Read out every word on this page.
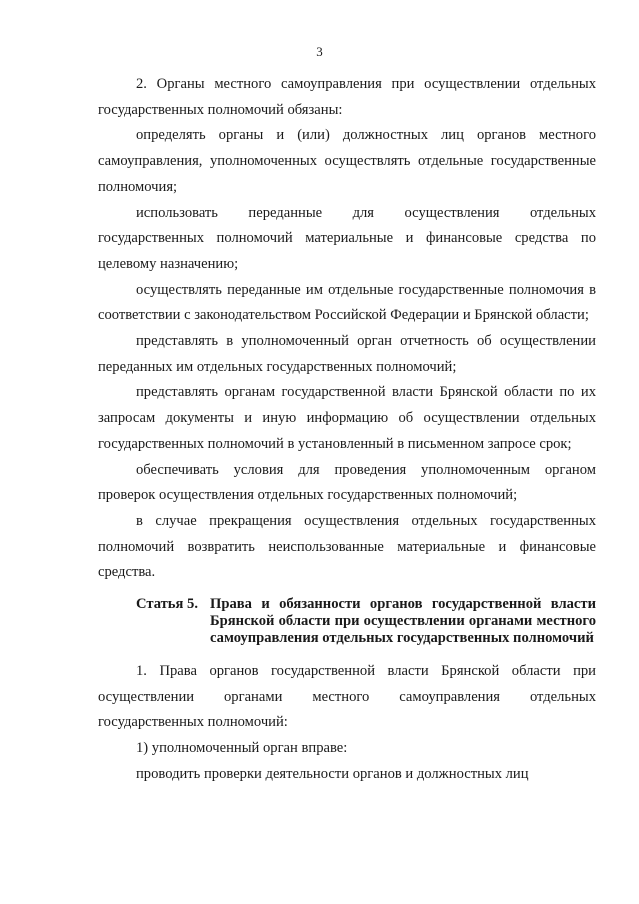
3

2. Органы местного самоуправления при осуществлении отдельных государственных полномочий обязаны:

определять органы и (или) должностных лиц органов местного самоуправления, уполномоченных осуществлять отдельные государственные полномочия;

использовать переданные для осуществления отдельных государственных полномочий материальные и финансовые средства по целевому назначению;

осуществлять переданные им отдельные государственные полномочия в соответствии с законодательством Российской Федерации и Брянской области;

представлять в уполномоченный орган отчетность об осуществлении переданных им отдельных государственных полномочий;

представлять органам государственной власти Брянской области по их запросам документы и иную информацию об осуществлении отдельных государственных полномочий в установленный в письменном запросе срок;

обеспечивать условия для проведения уполномоченным органом проверок осуществления отдельных государственных полномочий;

в случае прекращения осуществления отдельных государственных полномочий возвратить неиспользованные материальные и финансовые средства.

Статья 5. Права и обязанности органов государственной власти Брянской области при осуществлении органами местного самоуправления отдельных государственных полномочий

1. Права органов государственной власти Брянской области при осуществлении органами местного самоуправления отдельных государственных полномочий:

1) уполномоченный орган вправе:

проводить проверки деятельности органов и должностных лиц
